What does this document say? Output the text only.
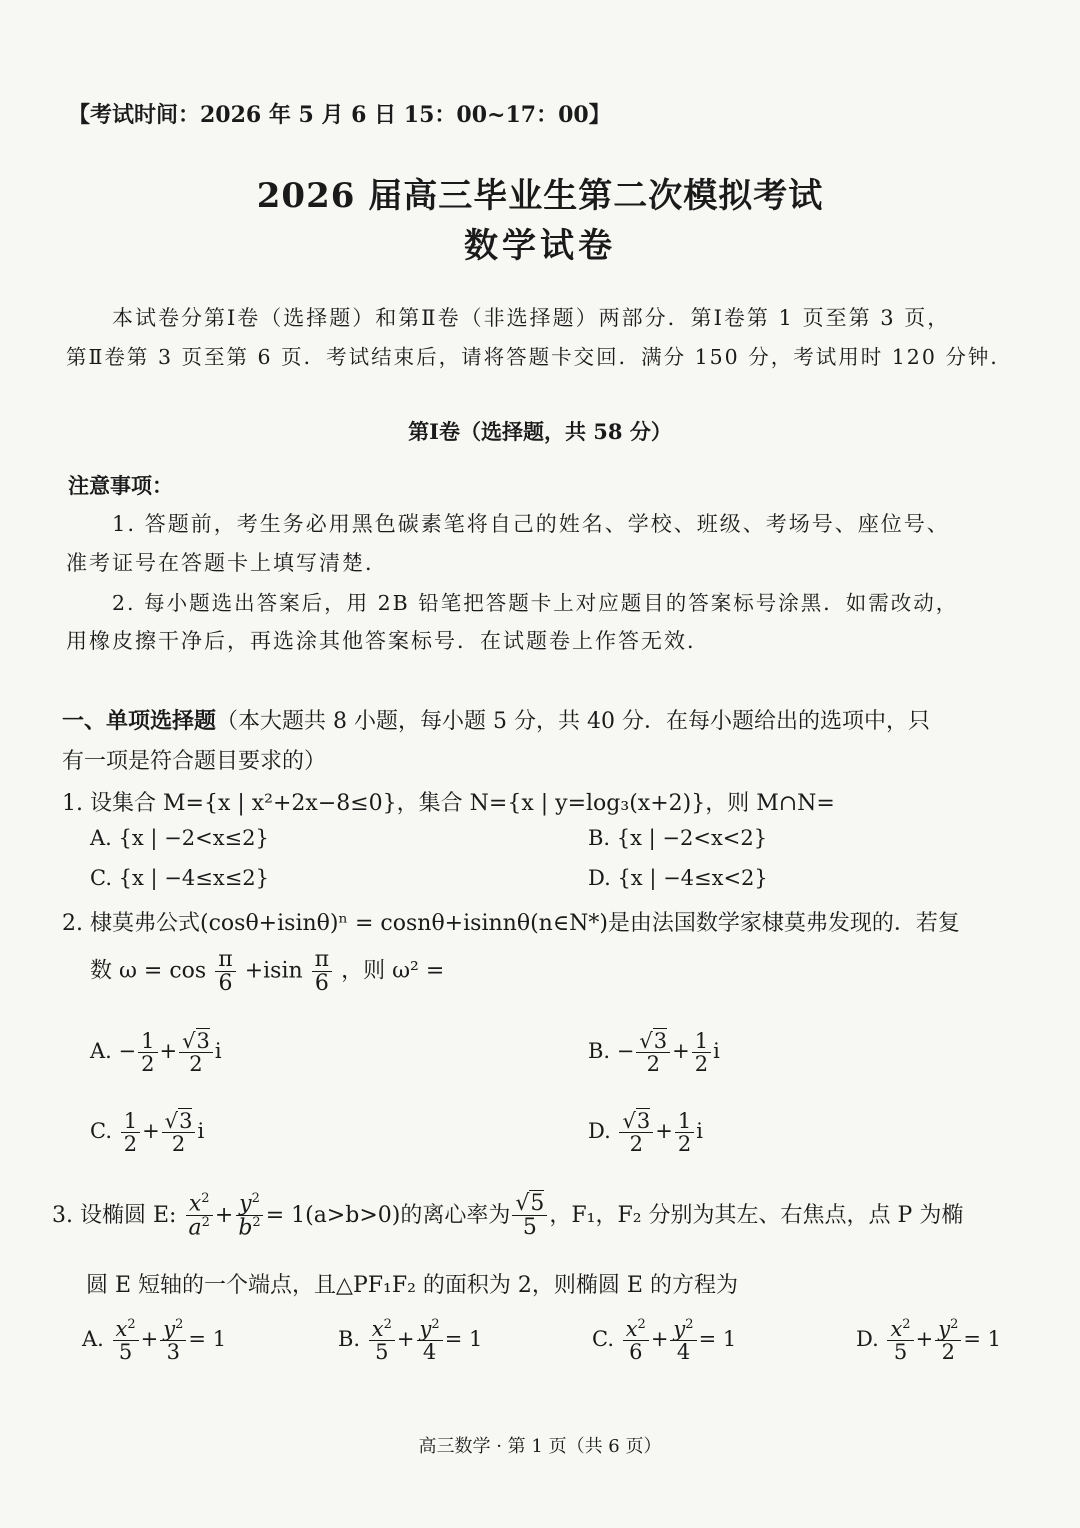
【考试时间：2026 年 5 月 6 日 15：00~17：00】
2026 届高三毕业生第二次模拟考试
数学试卷
本试卷分第Ⅰ卷（选择题）和第Ⅱ卷（非选择题）两部分．第Ⅰ卷第 1 页至第 3 页，
第Ⅱ卷第 3 页至第 6 页．考试结束后，请将答题卡交回．满分 150 分，考试用时 120 分钟．
第Ⅰ卷（选择题，共 58 分）
注意事项：
1. 答题前，考生务必用黑色碳素笔将自己的姓名、学校、班级、考场号、座位号、
准考证号在答题卡上填写清楚．
2. 每小题选出答案后，用 2B 铅笔把答题卡上对应题目的答案标号涂黑．如需改动，
用橡皮擦干净后，再选涂其他答案标号．在试题卷上作答无效．
一、单项选择题（本大题共 8 小题，每小题 5 分，共 40 分．在每小题给出的选项中，只
有一项是符合题目要求的）
1. 设集合 M={x | x²+2x−8≤0}，集合 N={x | y=log₃(x+2)}，则 M∩N=
A. {x | −2<x≤2}	B. {x | −2<x<2}
C. {x | −4≤x≤2}	D. {x | −4≤x<2}
2. 棣莫弗公式(cosθ+isinθ)ⁿ = cosnθ+isinnθ(n∈N*)是由法国数学家棣莫弗发现的．若复
数 $\omega = \cos \frac{\pi}{6} +isin \frac{\pi}{6}$ ，则 ω² =
A. − $\frac{1}{2} + \frac{√3}{2}$ i	B. − $\frac{√3}{2} + \frac{1}{2}$ i
C. $\frac{1}{2} + \frac{√3}{2}$ i	D. $\frac{√3}{2} + \frac{1}{2}$ i
3. 设椭圆 E: $\frac{x^2}{a^2} + \frac{y^2}{b^2} = 1(a>b>0)$的离心率为 $\frac{√5}{5}$ ，F₁，F₂ 分别为其左、右焦点，点 P 为椭
圆 E 短轴的一个端点，且△PF₁F₂ 的面积为 2，则椭圆 E 的方程为
A. $\frac{x^2}{5} + \frac{y^2}{3} = 1$	B. $\frac{x^2}{5} + \frac{y^2}{4} = 1$	C. $\frac{x^2}{6} + \frac{y^2}{4} = 1$	D. $\frac{x^2}{5} + \frac{y^2}{2} = 1$
高三数学 · 第 1 页（共 6 页）
